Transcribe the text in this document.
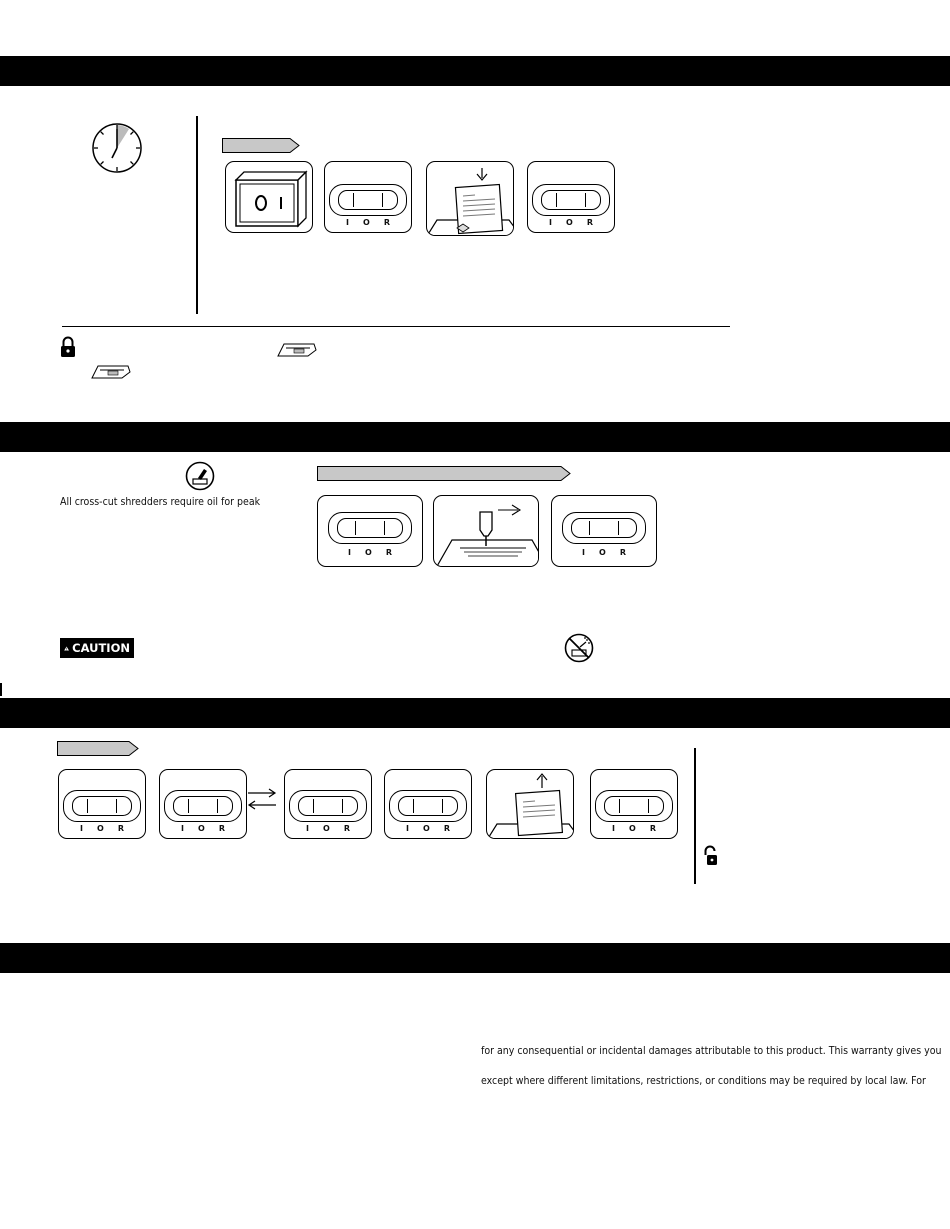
I O R	I O R
All cross-cut shredders require oil for peak
I O R	I O R
CAUTION
I O R	I O R	I O R	I O R	I O R
for any consequential or incidental damages attributable to this product. This warranty gives you
except where different limitations, restrictions, or conditions may be required by local law. For
